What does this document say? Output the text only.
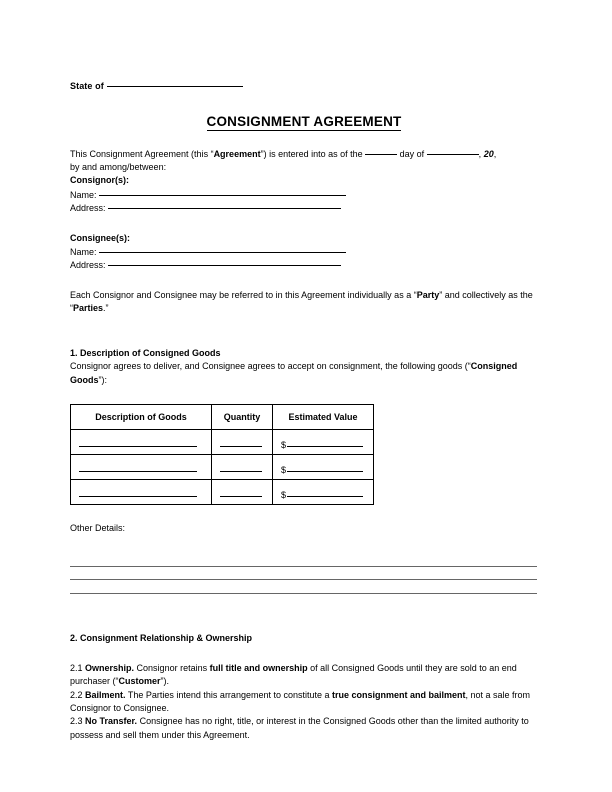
State of
CONSIGNMENT AGREEMENT

This Consignment Agreement (this “Agreement”) is entered into as of the	day of	, 20,
by and among/between:

Consignor(s):

Name:

Address:

Consignee(s):

Name:

Address:

Each Consignor and Consignee may be referred to in this Agreement individually as a “Party” and collectively as the “Parties.”

1. Description of Consigned Goods

Consignor agrees to deliver, and Consignee agrees to accept on consignment, the following goods (“Consigned Goods”):

Description of Goods	Quantity	Estimated Value

		$

		$

		$

Other Details:

2. Consignment Relationship & Ownership

2.1 Ownership. Consignor retains full title and ownership of all Consigned Goods until they are sold to an end purchaser (“Customer”).

2.2 Bailment. The Parties intend this arrangement to constitute a true consignment and bailment, not a sale from Consignor to Consignee.

2.3 No Transfer. Consignee has no right, title, or interest in the Consigned Goods other than the limited authority to possess and sell them under this Agreement.
